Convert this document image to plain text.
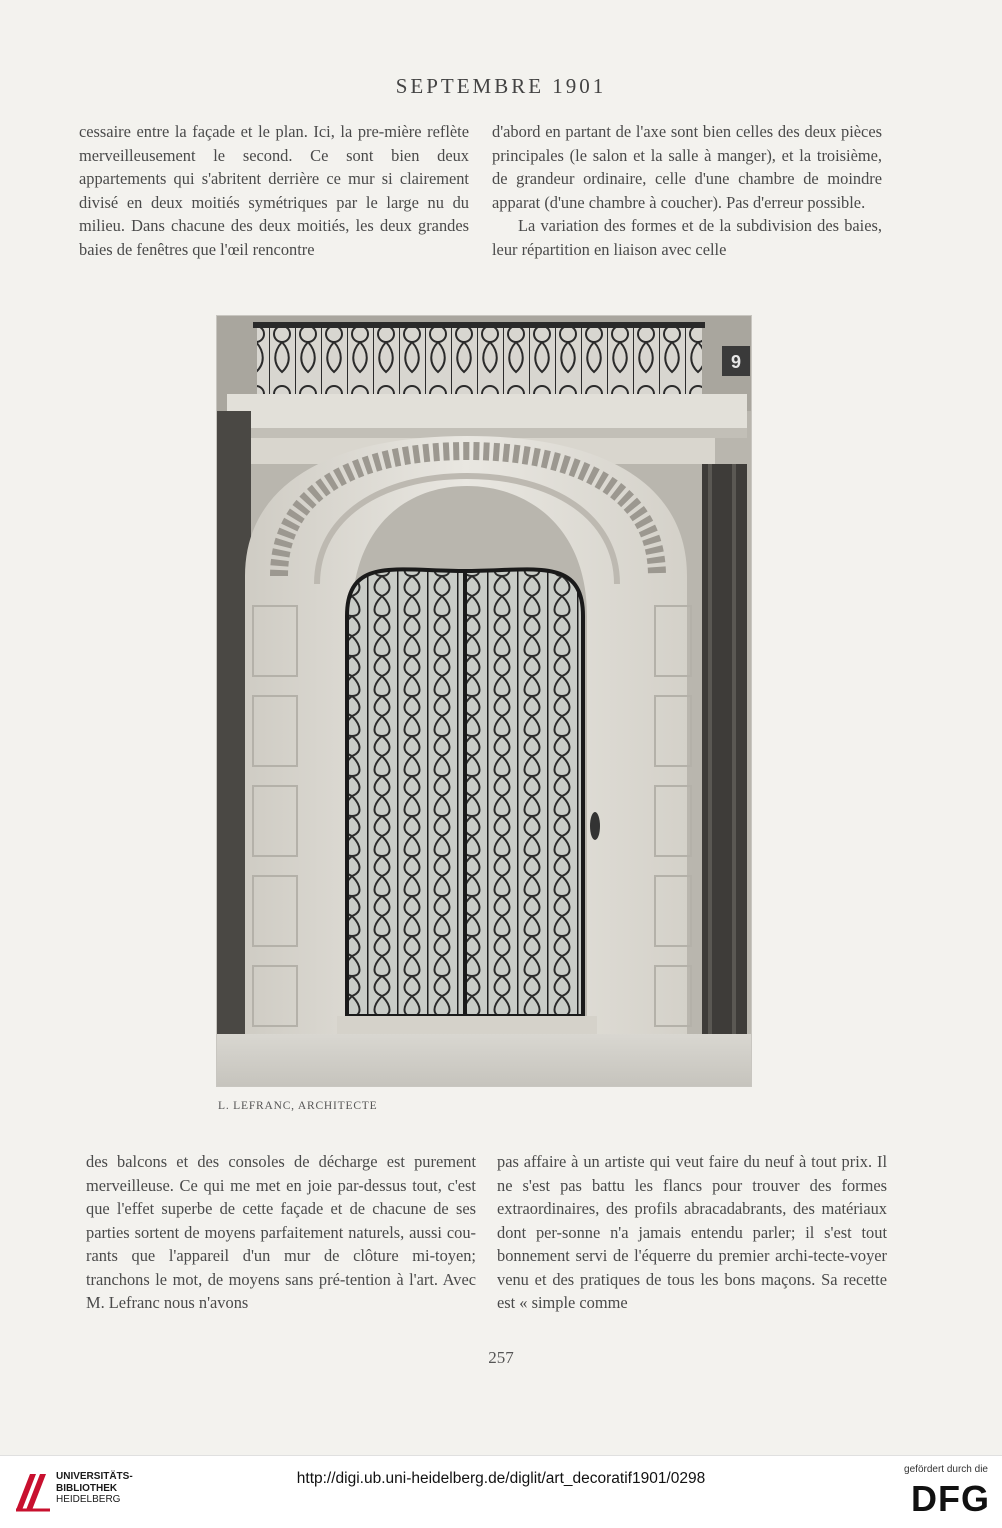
SEPTEMBRE 1901

cessaire entre la façade et le plan. Ici, la pre-mière reflète merveilleusement le second. Ce sont bien deux appartements qui s'abritent derrière ce mur si clairement divisé en deux moitiés symétriques par le large nu du milieu. Dans chacune des deux moitiés, les deux grandes baies de fenêtres que l'œil rencontre

d'abord en partant de l'axe sont bien celles des deux pièces principales (le salon et la salle à manger), et la troisième, de grandeur ordinaire, celle d'une chambre de moindre apparat (d'une chambre à coucher). Pas d'erreur possible.

La variation des formes et de la subdivision des baies, leur répartition en liaison avec celle

9
L. LEFRANC, ARCHITECTE

des balcons et des consoles de décharge est purement merveilleuse. Ce qui me met en joie par-dessus tout, c'est que l'effet superbe de cette façade et de chacune de ses parties sortent de moyens parfaitement naturels, aussi cou-rants que l'appareil d'un mur de clôture mi-toyen; tranchons le mot, de moyens sans pré-tention à l'art. Avec M. Lefranc nous n'avons

pas affaire à un artiste qui veut faire du neuf à tout prix. Il ne s'est pas battu les flancs pour trouver des formes extraordinaires, des profils abracadabrants, des matériaux dont per-sonne n'a jamais entendu parler; il s'est tout bonnement servi de l'équerre du premier archi-tecte-voyer venu et des pratiques de tous les bons maçons. Sa recette est « simple comme

257
UNIVERSITÄTS-
BIBLIOTHEK
HEIDELBERG
http://digi.ub.uni-heidelberg.de/diglit/art_decoratif1901/0298
gefördert durch die
DFG
